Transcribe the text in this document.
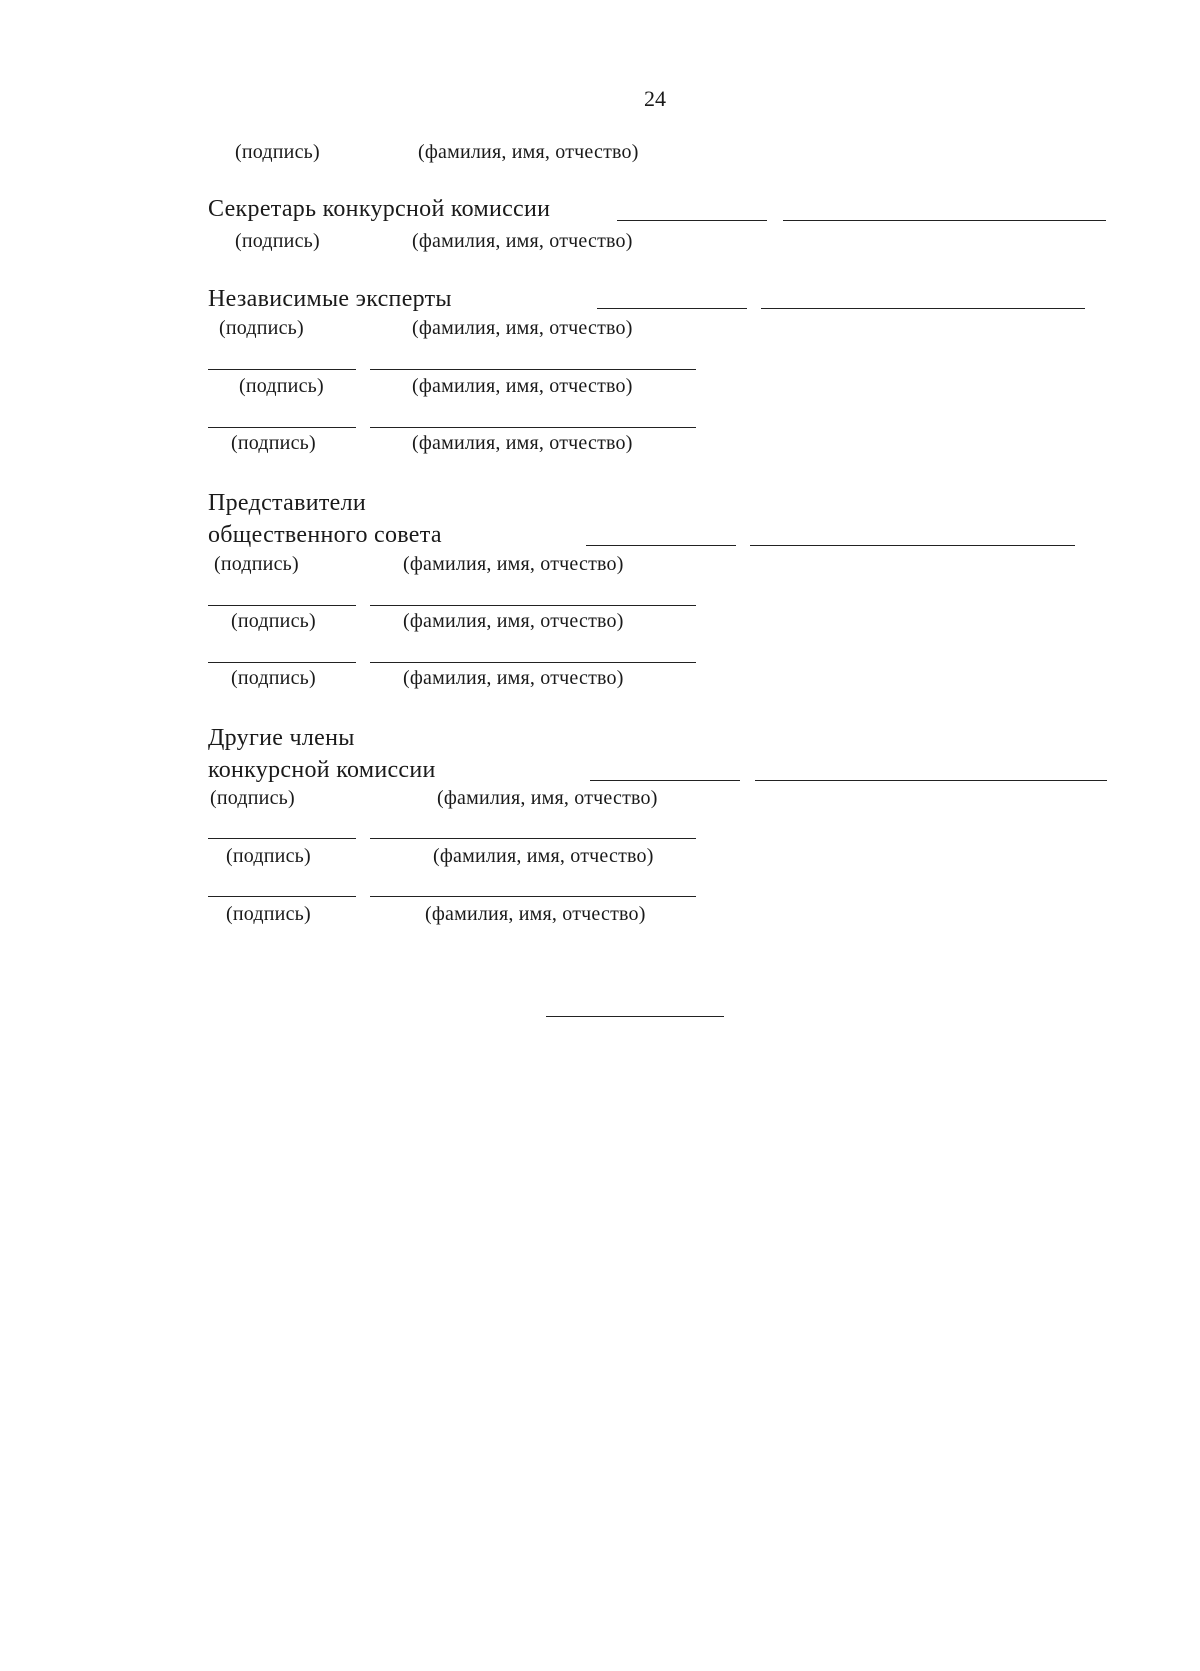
24
(подпись)	(фамилия, имя, отчество)
Секретарь конкурсной комиссии
(подпись)	(фамилия, имя, отчество)
Независимые эксперты
(подпись)	(фамилия, имя, отчество)
(подпись)	(фамилия, имя, отчество)
(подпись)	(фамилия, имя, отчество)
Представители
общественного совета
(подпись)	(фамилия, имя, отчество)
(подпись)	(фамилия, имя, отчество)
(подпись)	(фамилия, имя, отчество)
Другие члены
конкурсной комиссии
(подпись)	(фамилия, имя, отчество)
(подпись)	(фамилия, имя, отчество)
(подпись)	(фамилия, имя, отчество)
